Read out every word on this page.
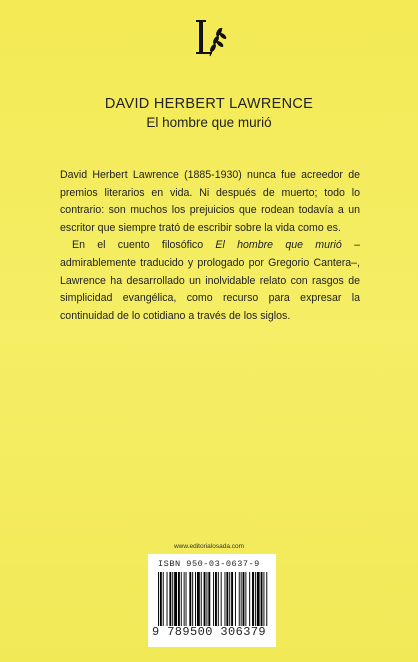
DAVID HERBERT LAWRENCE
El hombre que murió

David Herbert Lawrence (1885-1930) nunca fue acreedor de premios literarios en vida. Ni después de muerto; todo lo contrario: son muchos los prejuicios que rodean todavía a un escritor que siempre trató de escribir sobre la vida como es.

En el cuento filosófico El hombre que murió –admirablemente traducido y prologado por Gregorio Cantera–, Lawrence ha desarrollado un inolvidable relato con rasgos de simplicidad evangélica, como recurso para expresar la continuidad de lo cotidiano a través de los siglos.

www.editorialosada.com
ISBN 950-03-0637-9
9 789500 306379
